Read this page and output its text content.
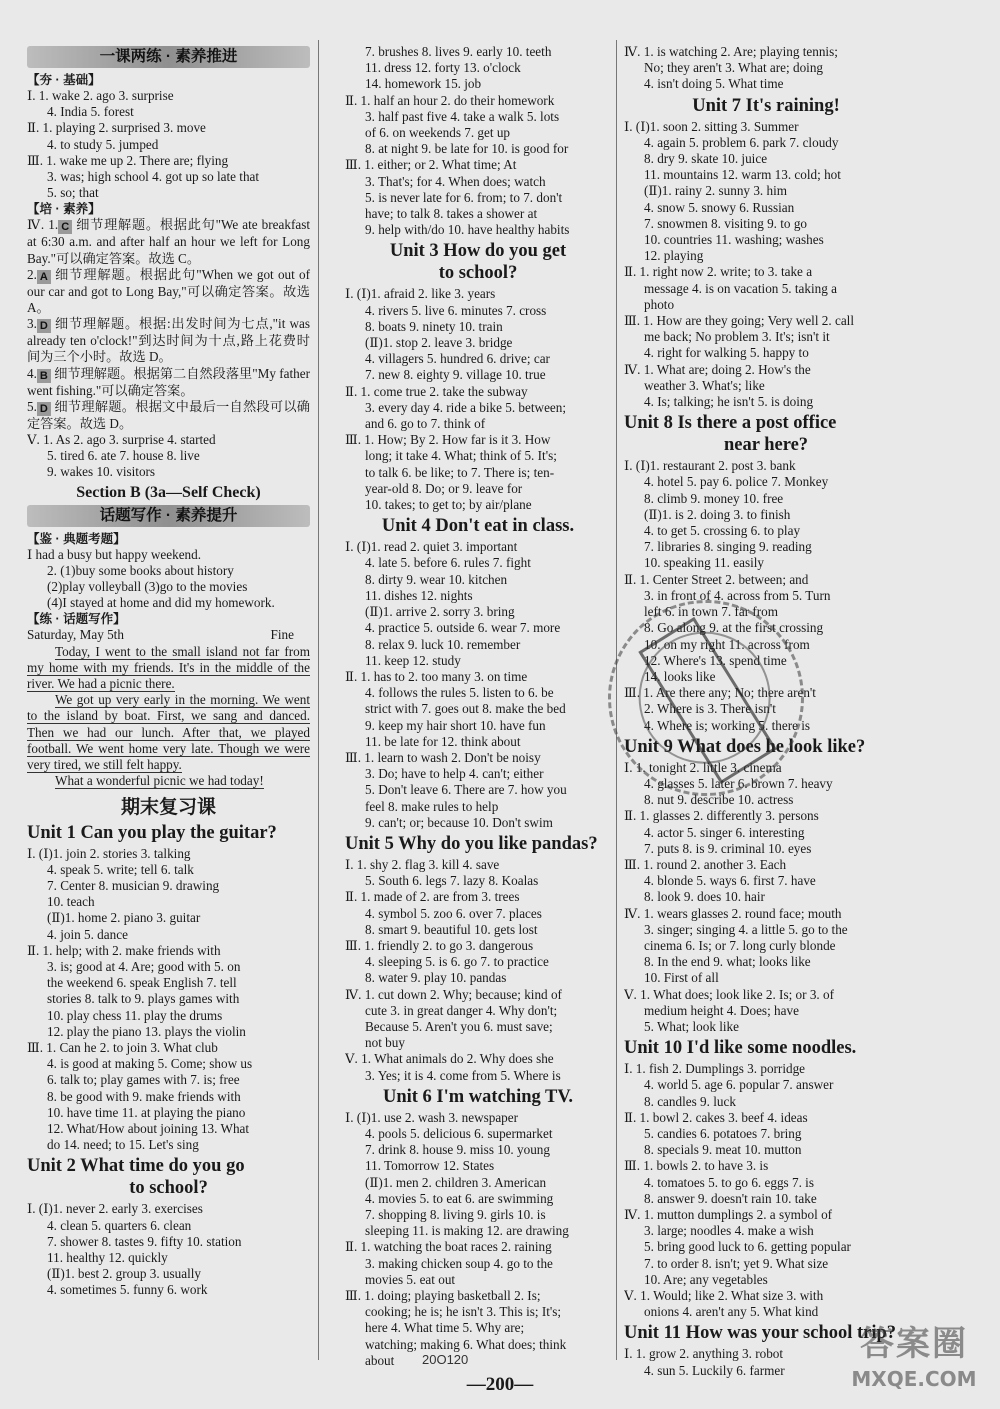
一课两练 · 素养推进
【夯 · 基础】
Ⅰ. 1. wake 2. ago 3. surprise
4. India 5. forest
Ⅱ. 1. playing 2. surprised 3. move
4. to study 5. jumped
Ⅲ. 1. wake me up 2. There are; flying
3. was; high school 4. got up so late that
5. so; that
【培 · 素养】
Ⅳ. 1. C 细节理解题。根据此句"We ate breakfast at 6:30 a.m. and after half an hour we left for Long Bay."可以确定答案。故选 C。
2. A 细节理解题。根据此句"When we got out of our car and got to Long Bay,"可以确定答案。故选 A。
3. D 细节理解题。根据:出发时间为七点,"it was already ten o'clock!"到达时间为十点,路上花费时间为三个小时。故选 D。
4. B 细节理解题。根据第二自然段落里"My father went fishing."可以确定答案。
5. D 细节理解题。根据文中最后一自然段可以确定答案。故选 D。
Ⅴ. 1. As 2. ago 3. surprise 4. started
5. tired 6. ate 7. house 8. live
9. wakes 10. visitors
Section B (3a—Self Check)
话题写作 · 素养提升
【鉴 · 典题考题】
Ⅰ had a busy but happy weekend.
2. (1)buy some books about history
(2)play volleyball (3)go to the movies
(4)I stayed at home and did my homework.
【练 · 话题写作】
Saturday, May 5th	Fine
Today, I went to the small island not far from my home with my friends. It's in the middle of the river. We had a picnic there.
We got up very early in the morning. We went to the island by boat. First, we sang and danced. Then we had our lunch. After that, we played football. We went home very late. Though we were very tired, we still felt happy.
What a wonderful picnic we had today!
期末复习课
Unit 1 Can you play the guitar?
Ⅰ. (Ⅰ)1. join 2. stories 3. talking
4. speak 5. write; tell 6. talk
7. Center 8. musician 9. drawing
10. teach
(Ⅱ)1. home 2. piano 3. guitar
4. join 5. dance
Ⅱ. 1. help; with 2. make friends with
3. is; good at 4. Are; good with 5. on
the weekend 6. speak English 7. tell
stories 8. talk to 9. plays games with
10. play chess 11. play the drums
12. play the piano 13. plays the violin
Ⅲ. 1. Can he 2. to join 3. What club
4. is good at making 5. Come; show us
6. talk to; play games with 7. is; free
8. be good with 9. make friends with
10. have time 11. at playing the piano
12. What/How about joining 13. What
do 14. need; to 15. Let's sing
Unit 2 What time do you go
to school?
Ⅰ. (Ⅰ)1. never 2. early 3. exercises
4. clean 5. quarters 6. clean
7. shower 8. tastes 9. fifty 10. station
11. healthy 12. quickly
(Ⅱ)1. best 2. group 3. usually
4. sometimes 5. funny 6. work
7. brushes 8. lives 9. early 10. teeth
11. dress 12. forty 13. o'clock
14. homework 15. job
Ⅱ. 1. half an hour 2. do their homework
3. half past five 4. take a walk 5. lots
of 6. on weekends 7. get up
8. at night 9. be late for 10. is good for
Ⅲ. 1. either; or 2. What time; At
3. That's; for 4. When does; watch
5. is never late for 6. from; to 7. don't
have; to talk 8. takes a shower at
9. help with/do 10. have healthy habits
Unit 3 How do you get
to school?
Ⅰ. (Ⅰ)1. afraid 2. like 3. years
4. rivers 5. live 6. minutes 7. cross
8. boats 9. ninety 10. train
(Ⅱ)1. stop 2. leave 3. bridge
4. villagers 5. hundred 6. drive; car
7. new 8. eighty 9. village 10. true
Ⅱ. 1. come true 2. take the subway
3. every day 4. ride a bike 5. between;
and 6. go to 7. think of
Ⅲ. 1. How; By 2. How far is it 3. How
long; it take 4. What; think of 5. It's;
to talk 6. be like; to 7. There is; ten-
year-old 8. Do; or 9. leave for
10. takes; to get to; by air/plane
Unit 4 Don't eat in class.
Ⅰ. (Ⅰ)1. read 2. quiet 3. important
4. late 5. before 6. rules 7. fight
8. dirty 9. wear 10. kitchen
11. dishes 12. nights
(Ⅱ)1. arrive 2. sorry 3. bring
4. practice 5. outside 6. wear 7. more
8. relax 9. luck 10. remember
11. keep 12. study
Ⅱ. 1. has to 2. too many 3. on time
4. follows the rules 5. listen to 6. be
strict with 7. goes out 8. make the bed
9. keep my hair short 10. have fun
11. be late for 12. think about
Ⅲ. 1. learn to wash 2. Don't be noisy
3. Do; have to help 4. can't; either
5. Don't leave 6. There are 7. how you
feel 8. make rules to help
9. can't; or; because 10. Don't swim
Unit 5 Why do you like pandas?
Ⅰ. 1. shy 2. flag 3. kill 4. save
5. South 6. legs 7. lazy 8. Koalas
Ⅱ. 1. made of 2. are from 3. trees
4. symbol 5. zoo 6. over 7. places
8. smart 9. beautiful 10. gets lost
Ⅲ. 1. friendly 2. to go 3. dangerous
4. sleeping 5. is 6. go 7. to practice
8. water 9. play 10. pandas
Ⅳ. 1. cut down 2. Why; because; kind of
cute 3. in great danger 4. Why don't;
Because 5. Aren't you 6. must save;
not buy
Ⅴ. 1. What animals do 2. Why does she
3. Yes; it is 4. come from 5. Where is
Unit 6 I'm watching TV.
Ⅰ. (Ⅰ)1. use 2. wash 3. newspaper
4. pools 5. delicious 6. supermarket
7. drink 8. house 9. miss 10. young
11. Tomorrow 12. States
(Ⅱ)1. men 2. children 3. American
4. movies 5. to eat 6. are swimming
7. shopping 8. living 9. girls 10. is
sleeping 11. is making 12. are drawing
Ⅱ. 1. watching the boat races 2. raining
3. making chicken soup 4. go to the
movies 5. eat out
Ⅲ. 1. doing; playing basketball 2. Is;
cooking; he is; he isn't 3. This is; It's;
here 4. What time 5. Why are;
watching; making 6. What does; think
about
Ⅳ. 1. is watching 2. Are; playing tennis;
No; they aren't 3. What are; doing
4. isn't doing 5. What time
Unit 7 It's raining!
Ⅰ. (Ⅰ)1. soon 2. sitting 3. Summer
4. again 5. problem 6. park 7. cloudy
8. dry 9. skate 10. juice
11. mountains 12. warm 13. cold; hot
(Ⅱ)1. rainy 2. sunny 3. him
4. snow 5. snowy 6. Russian
7. snowmen 8. visiting 9. to go
10. countries 11. washing; washes
12. playing
Ⅱ. 1. right now 2. write; to 3. take a
message 4. is on vacation 5. taking a
photo
Ⅲ. 1. How are they going; Very well 2. call
me back; No problem 3. It's; isn't it
4. right for walking 5. happy to
Ⅳ. 1. What are; doing 2. How's the
weather 3. What's; like
4. Is; talking; he isn't 5. is doing
Unit 8 Is there a post office
near here?
Ⅰ. (Ⅰ)1. restaurant 2. post 3. bank
4. hotel 5. pay 6. police 7. Monkey
8. climb 9. money 10. free
(Ⅱ)1. is 2. doing 3. to finish
4. to get 5. crossing 6. to play
7. libraries 8. singing 9. reading
10. speaking 11. easily
Ⅱ. 1. Center Street 2. between; and
3. in front of 4. across from 5. Turn
left 6. in town 7. far from
8. Go along 9. at the first crossing
10. on my right 11. across from
12. Where's 13. spend time
14. looks like
Ⅲ. 1. Are there any; No; there aren't
2. Where is 3. There isn't
4. Where is; working 5. there is
Unit 9 What does he look like?
Ⅰ. 1. tonight 2. little 3. cinema
4. glasses 5. later 6. brown 7. heavy
8. nut 9. describe 10. actress
Ⅱ. 1. glasses 2. differently 3. persons
4. actor 5. singer 6. interesting
7. puts 8. is 9. criminal 10. eyes
Ⅲ. 1. round 2. another 3. Each
4. blonde 5. ways 6. first 7. have
8. look 9. does 10. hair
Ⅳ. 1. wears glasses 2. round face; mouth
3. singer; singing 4. a little 5. go to the
cinema 6. Is; or 7. long curly blonde
8. In the end 9. what; looks like
10. First of all
Ⅴ. 1. What does; look like 2. Is; or 3. of
medium height 4. Does; have
5. What; look like
Unit 10 I'd like some noodles.
Ⅰ. 1. fish 2. Dumplings 3. porridge
4. world 5. age 6. popular 7. answer
8. candles 9. luck
Ⅱ. 1. bowl 2. cakes 3. beef 4. ideas
5. candies 6. potatoes 7. bring
8. specials 9. meat 10. mutton
Ⅲ. 1. bowls 2. to have 3. is
4. tomatoes 5. to go 6. eggs 7. is
8. answer 9. doesn't rain 10. take
Ⅳ. 1. mutton dumplings 2. a symbol of
3. large; noodles 4. make a wish
5. bring good luck to 6. getting popular
7. to order 8. isn't; yet 9. What size
10. Are; any vegetables
Ⅴ. 1. Would; like 2. What size 3. with
onions 4. aren't any 5. What kind
Unit 11 How was your school trip?
Ⅰ. 1. grow 2. anything 3. robot
4. sun 5. Luckily 6. farmer
20O120
—200—
答案圈
MXQE.COM
